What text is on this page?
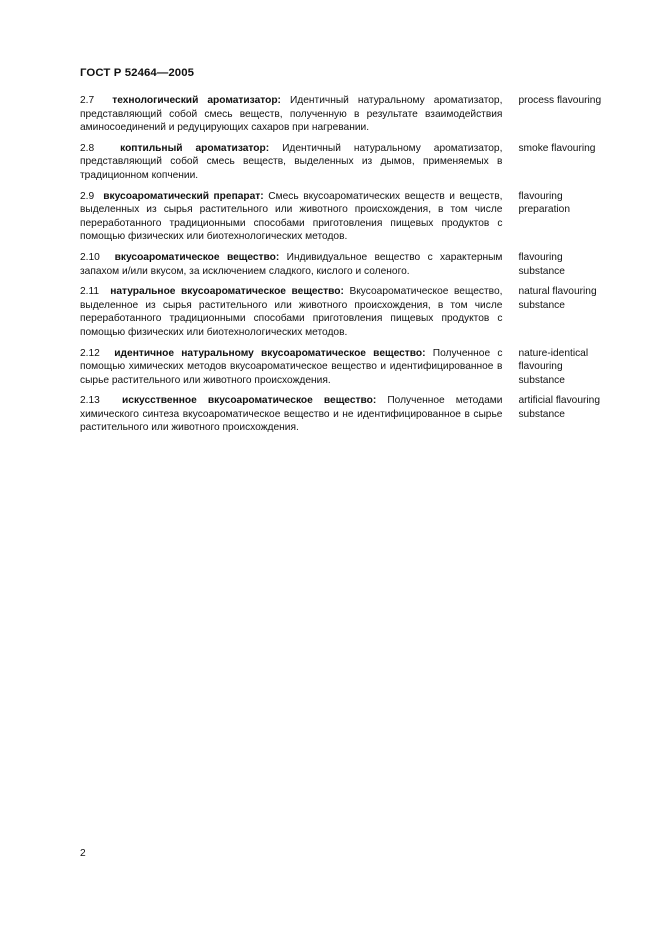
ГОСТ Р 52464—2005
2.7 технологический ароматизатор: Идентичный натуральному ароматизатор, представляющий собой смесь веществ, полученную в результате взаимодействия аминосоединений и редуцирующих сахаров при нагревании.
process flavouring
2.8	коптильный ароматизатор: Идентичный натуральному ароматизатор, представляющий собой смесь веществ, выделенных из дымов, применяемых в традиционном копчении.
smoke flavouring
2.9 вкусоароматический препарат: Смесь вкусоароматических веществ и веществ, выделенных из сырья растительного или животного происхождения, в том числе переработанного традиционными способами приготовления пищевых продуктов с помощью физических или биотехнологических методов.
flavouring
preparation
2.10 вкусоароматическое вещество: Индивидуальное вещество с характерным запахом и/или вкусом, за исключением сладкого, кислого и соленого.
flavouring
substance
2.11 натуральное вкусоароматическое вещество: Вкусоароматическое вещество, выделенное из сырья растительного или животного происхождения, в том числе переработанного традиционными способами приготовления пищевых продуктов с помощью физических или биотехнологических методов.
natural flavouring
substance
2.12 идентичное натуральному вкусоароматическое вещество: Полученное с помощью химических методов вкусоароматическое вещество и идентифицированное в сырье растительного или животного происхождения.
nature-identical
flavouring
substance
2.13 искусственное вкусоароматическое вещество: Полученное методами химического синтеза вкусоароматическое вещество и не идентифицированное в сырье растительного или животного происхождения.
artificial flavouring
substance
2
